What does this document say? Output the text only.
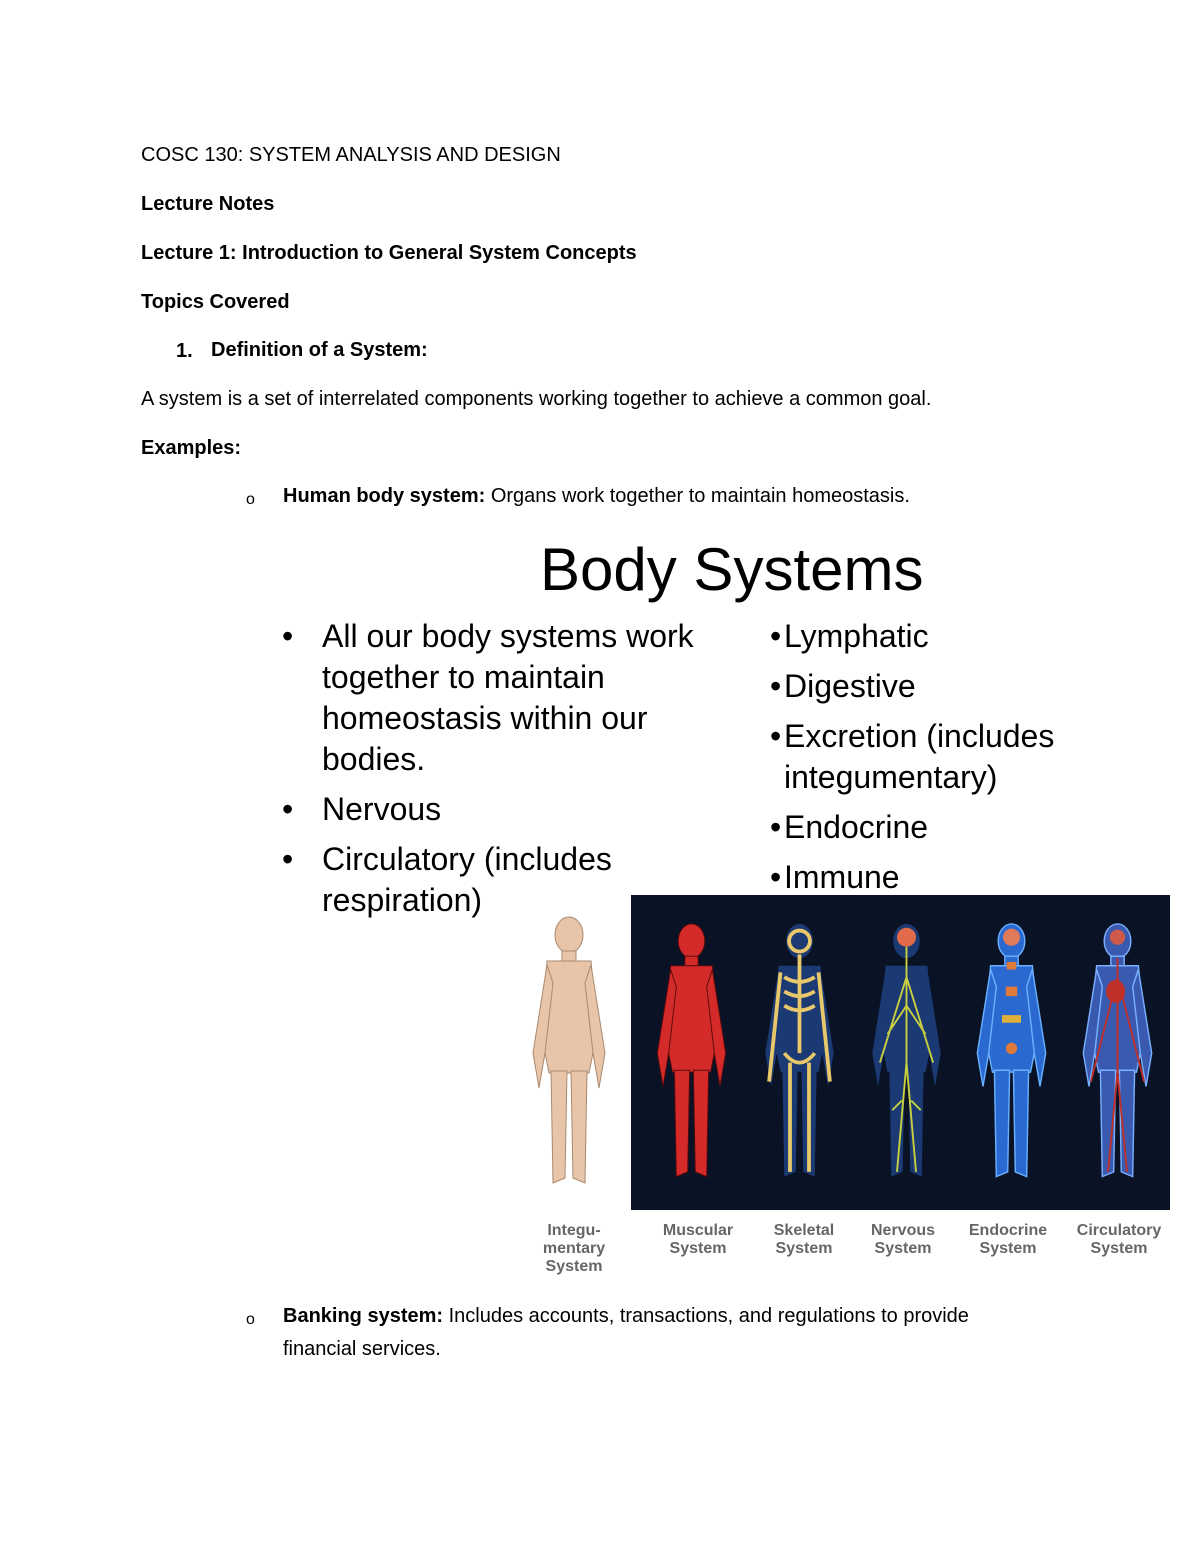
COSC 130: SYSTEM ANALYSIS AND DESIGN
Lecture Notes
Lecture 1: Introduction to General System Concepts
Topics Covered
1. Definition of a System:
A system is a set of interrelated components working together to achieve a common goal.
Examples:
o Human body system: Organs work together to maintain homeostasis.
Body Systems
• All our body systems work together to maintain homeostasis within our bodies.
• Nervous
• Circulatory (includes respiration)
• Lymphatic
• Digestive
• Excretion (includes integumentary)
• Endocrine
• Immune
Integu-
mentary
System
Muscular
System
Skeletal
System
Nervous
System
Endocrine
System
Circulatory
System
o Banking system: Includes accounts, transactions, and regulations to provide financial services.
